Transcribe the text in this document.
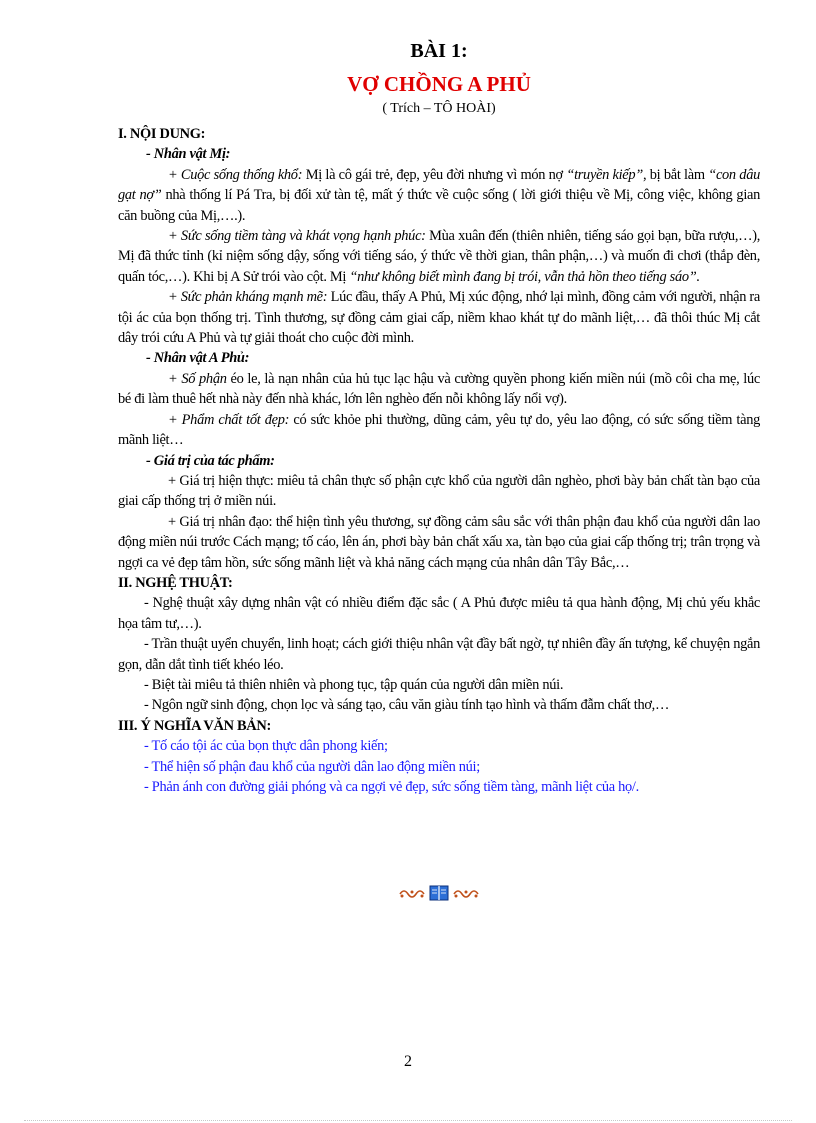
BÀI 1:
VỢ CHỒNG A PHỦ
( Trích – TÔ HOÀI)

I. NỘI DUNG:

- Nhân vật Mị:

+ Cuộc sống thống khổ: Mị là cô gái trẻ, đẹp, yêu đời nhưng vì món nợ “truyền kiếp”, bị bắt làm “con dâu gạt nợ” nhà thống lí Pá Tra, bị đối xử tàn tệ, mất ý thức về cuộc sống ( lời giới thiệu về Mị, công việc, không gian căn buồng của Mị,….).

+ Sức sống tiềm tàng và khát vọng hạnh phúc: Mùa xuân đến (thiên nhiên, tiếng sáo gọi bạn, bữa rượu,…), Mị đã thức tỉnh (kỉ niệm sống dậy, sống với tiếng sáo, ý thức về thời gian, thân phận,…) và muốn đi chơi (thắp đèn, quấn tóc,…). Khi bị A Sử trói vào cột. Mị “như không biết mình đang bị trói, vẫn thả hồn theo tiếng sáo”.

+ Sức phản kháng mạnh mẽ: Lúc đầu, thấy A Phủ, Mị xúc động, nhớ lại mình, đồng cảm với người, nhận ra tội ác của bọn thống trị. Tình thương, sự đồng cảm giai cấp, niềm khao khát tự do mãnh liệt,… đã thôi thúc Mị cắt dây trói cứu A Phủ và tự giải thoát cho cuộc đời mình.

- Nhân vật A Phủ:

+ Số phận éo le, là nạn nhân của hủ tục lạc hậu và cường quyền phong kiến miền núi (mồ côi cha mẹ, lúc bé đi làm thuê hết nhà này đến nhà khác, lớn lên nghèo đến nỗi không lấy nổi vợ).

+ Phẩm chất tốt đẹp: có sức khỏe phi thường, dũng cảm, yêu tự do, yêu lao động, có sức sống tiềm tàng mãnh liệt…

- Giá trị của tác phẩm:

+ Giá trị hiện thực: miêu tả chân thực số phận cực khổ của người dân nghèo, phơi bày bản chất tàn bạo của giai cấp thống trị ở miền núi.

+ Giá trị nhân đạo: thể hiện tình yêu thương, sự đồng cảm sâu sắc với thân phận đau khổ của người dân lao động miền núi trước Cách mạng; tố cáo, lên án, phơi bày bản chất xấu xa, tàn bạo của giai cấp thống trị; trân trọng và ngợi ca vẻ đẹp tâm hồn, sức sống mãnh liệt và khả năng cách mạng của nhân dân Tây Bắc,…

II. NGHỆ THUẬT:

- Nghệ thuật xây dựng nhân vật có nhiều điểm đặc sắc ( A Phủ được miêu tả qua hành động, Mị chủ yếu khắc họa tâm tư,…).

- Trần thuật uyển chuyển, linh hoạt; cách giới thiệu nhân vật đầy bất ngờ, tự nhiên đầy ấn tượng, kể chuyện ngắn gọn, dẫn dắt tình tiết khéo léo.

- Biệt tài miêu tả thiên nhiên và phong tục, tập quán của người dân miền núi.

- Ngôn ngữ sinh động, chọn lọc và sáng tạo, câu văn giàu tính tạo hình và thấm đẫm chất thơ,…

III. Ý NGHĨA VĂN BẢN:

- Tố cáo tội ác của bọn thực dân phong kiến;

- Thể hiện số phận đau khổ của người dân lao động miền núi;

- Phản ánh con đường giải phóng và ca ngợi vẻ đẹp, sức sống tiềm tàng, mãnh liệt của họ/.

2
